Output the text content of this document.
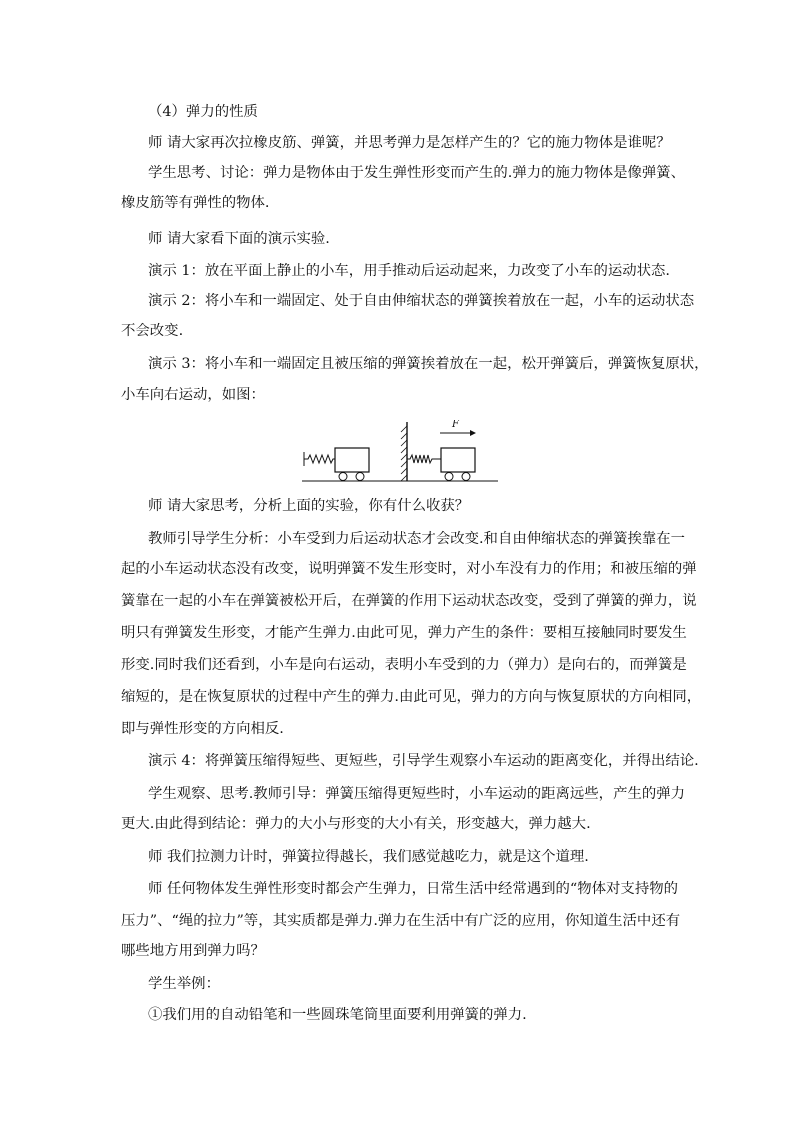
（4）弹力的性质
师 请大家再次拉橡皮筋、弹簧，并思考弹力是怎样产生的？它的施力物体是谁呢？
学生思考、讨论：弹力是物体由于发生弹性形变而产生的.弹力的施力物体是像弹簧、
橡皮筋等有弹性的物体.
师 请大家看下面的演示实验.
演示 1：放在平面上静止的小车，用手推动后运动起来，力改变了小车的运动状态.
演示 2：将小车和一端固定、处于自由伸缩状态的弹簧挨着放在一起，小车的运动状态
不会改变.
演示 3：将小车和一端固定且被压缩的弹簧挨着放在一起，松开弹簧后，弹簧恢复原状，
小车向右运动，如图：
F
师 请大家思考，分析上面的实验，你有什么收获？
教师引导学生分析：小车受到力后运动状态才会改变.和自由伸缩状态的弹簧挨靠在一
起的小车运动状态没有改变，说明弹簧不发生形变时，对小车没有力的作用；和被压缩的弹
簧靠在一起的小车在弹簧被松开后，在弹簧的作用下运动状态改变，受到了弹簧的弹力，说
明只有弹簧发生形变，才能产生弹力.由此可见，弹力产生的条件：要相互接触同时要发生
形变.同时我们还看到，小车是向右运动，表明小车受到的力（弹力）是向右的，而弹簧是
缩短的，是在恢复原状的过程中产生的弹力.由此可见，弹力的方向与恢复原状的方向相同，
即与弹性形变的方向相反.
演示 4：将弹簧压缩得短些、更短些，引导学生观察小车运动的距离变化，并得出结论.
学生观察、思考.教师引导：弹簧压缩得更短些时，小车运动的距离远些，产生的弹力
更大.由此得到结论：弹力的大小与形变的大小有关，形变越大，弹力越大.
师 我们拉测力计时，弹簧拉得越长，我们感觉越吃力，就是这个道理.
师 任何物体发生弹性形变时都会产生弹力，日常生活中经常遇到的“物体对支持物的
压力”、“绳的拉力”等，其实质都是弹力.弹力在生活中有广泛的应用，你知道生活中还有
哪些地方用到弹力吗？
学生举例：
①我们用的自动铅笔和一些圆珠笔筒里面要利用弹簧的弹力.
